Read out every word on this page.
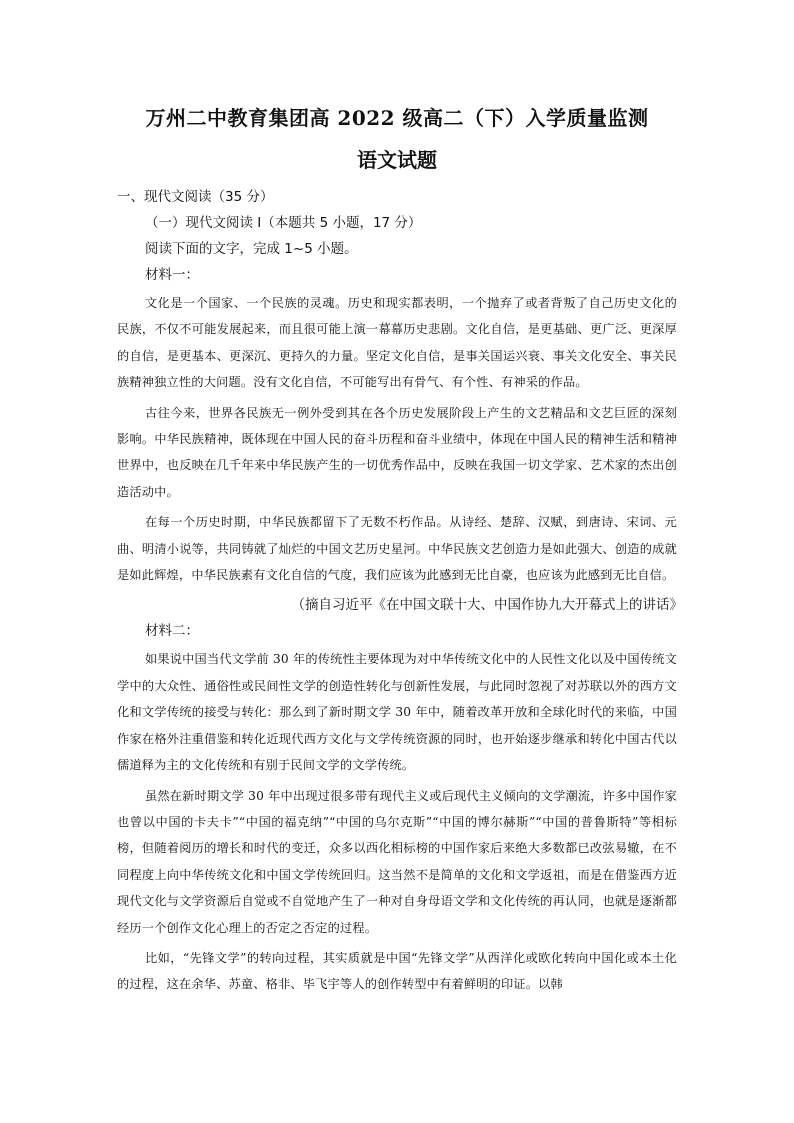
万州二中教育集团高 2022 级高二（下）入学质量监测
语文试题

一、现代文阅读（35 分）

（一）现代文阅读 I（本题共 5 小题，17 分）

阅读下面的文字，完成 1~5 小题。

材料一：

文化是一个国家、一个民族的灵魂。历史和现实都表明，一个抛弃了或者背叛了自己历史文化的民族，不仅不可能发展起来，而且很可能上演一幕幕历史悲剧。文化自信，是更基础、更广泛、更深厚的自信，是更基本、更深沉、更持久的力量。坚定文化自信，是事关国运兴衰、事关文化安全、事关民族精神独立性的大问题。没有文化自信，不可能写出有骨气、有个性、有神采的作品。

古往今来，世界各民族无一例外受到其在各个历史发展阶段上产生的文艺精品和文艺巨匠的深刻影响。中华民族精神，既体现在中国人民的奋斗历程和奋斗业绩中，体现在中国人民的精神生活和精神世界中，也反映在几千年来中华民族产生的一切优秀作品中，反映在我国一切文学家、艺术家的杰出创造活动中。

在每一个历史时期，中华民族都留下了无数不朽作品。从诗经、楚辞、汉赋，到唐诗、宋词、元曲、明清小说等，共同铸就了灿烂的中国文艺历史星河。中华民族文艺创造力是如此强大、创造的成就是如此辉煌，中华民族素有文化自信的气度，我们应该为此感到无比自豪，也应该为此感到无比自信。

（摘自习近平《在中国文联十大、中国作协九大开幕式上的讲话》

材料二：

如果说中国当代文学前 30 年的传统性主要体现为对中华传统文化中的人民性文化以及中国传统文学中的大众性、通俗性或民间性文学的创造性转化与创新性发展，与此同时忽视了对苏联以外的西方文化和文学传统的接受与转化：那么到了新时期文学 30 年中，随着改革开放和全球化时代的来临，中国作家在格外注重借鉴和转化近现代西方文化与文学传统资源的同时，也开始逐步继承和转化中国古代以儒道释为主的文化传统和有别于民间文学的文学传统。

虽然在新时期文学 30 年中出现过很多带有现代主义或后现代主义倾向的文学潮流，许多中国作家也曾以中国的卡夫卡”“中国的福克纳”“中国的乌尔克斯”“中国的博尔赫斯”“中国的普鲁斯特”等相标榜，但随着阅历的增长和时代的变迁，众多以西化相标榜的中国作家后来绝大多数都已改弦易辙，在不同程度上向中华传统文化和中国文学传统回归。这当然不是简单的文化和文学返祖，而是在借鉴西方近现代文化与文学资源后自觉或不自觉地产生了一种对自身母语文学和文化传统的再认同，也就是逐渐都经历一个创作文化心理上的否定之否定的过程。

比如，“先锋文学”的转向过程，其实质就是中国“先锋文学”从西洋化或欧化转向中国化或本土化的过程，这在余华、苏童、格非、毕飞宇等人的创作转型中有着鲜明的印证。以韩
